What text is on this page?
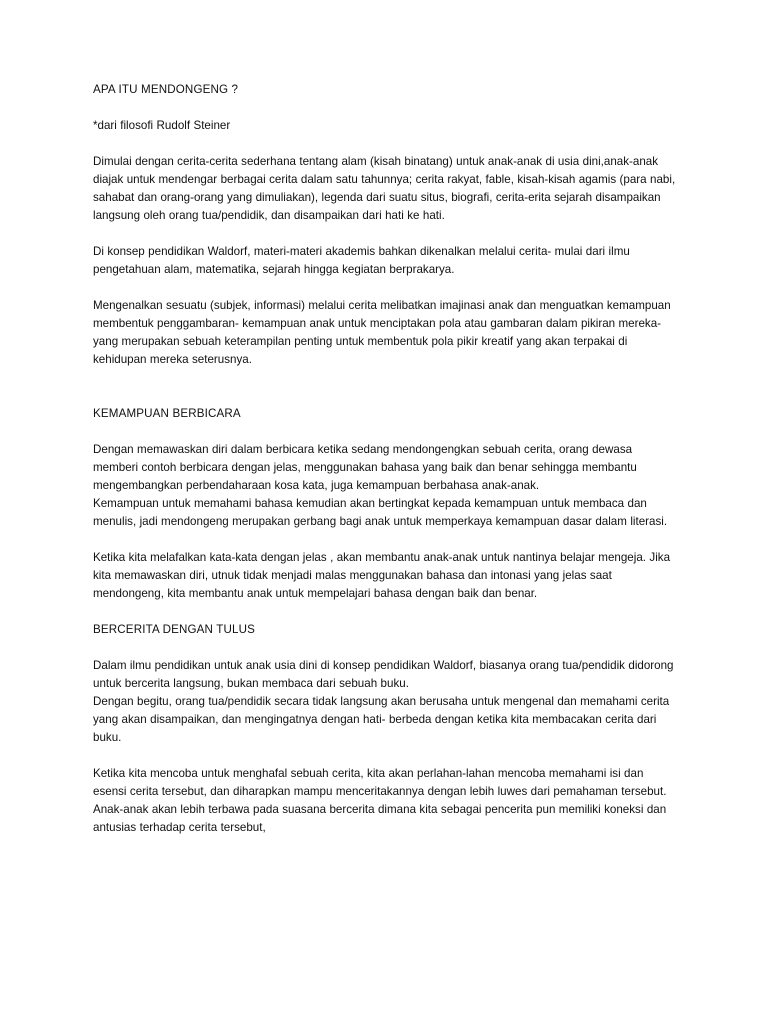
APA ITU MENDONGENG ?

*dari filosofi Rudolf Steiner

Dimulai dengan cerita-cerita sederhana tentang alam (kisah binatang) untuk anak-anak di usia dini,anak-anak diajak untuk mendengar berbagai cerita dalam satu tahunnya; cerita rakyat, fable, kisah-kisah agamis (para nabi, sahabat dan orang-orang yang dimuliakan), legenda dari suatu situs, biografi, cerita-erita sejarah disampaikan langsung oleh orang tua/pendidik, dan disampaikan dari hati ke hati.

Di konsep pendidikan Waldorf, materi-materi akademis bahkan dikenalkan melalui cerita- mulai dari ilmu pengetahuan alam, matematika, sejarah hingga kegiatan berprakarya.

Mengenalkan sesuatu (subjek, informasi) melalui cerita melibatkan imajinasi anak dan menguatkan kemampuan membentuk penggambaran- kemampuan anak untuk menciptakan pola atau gambaran dalam pikiran mereka- yang merupakan sebuah keterampilan penting untuk membentuk pola pikir kreatif yang akan terpakai di kehidupan mereka seterusnya.

KEMAMPUAN BERBICARA

Dengan memawaskan diri dalam berbicara ketika sedang mendongengkan sebuah cerita, orang dewasa memberi contoh berbicara dengan jelas, menggunakan bahasa yang baik dan benar sehingga membantu mengembangkan perbendaharaan kosa kata, juga kemampuan berbahasa anak-anak.

Kemampuan untuk memahami bahasa kemudian akan bertingkat kepada kemampuan untuk membaca dan menulis, jadi mendongeng merupakan gerbang bagi anak untuk memperkaya kemampuan dasar dalam literasi.

Ketika kita melafalkan kata-kata dengan jelas , akan membantu anak-anak untuk nantinya belajar mengeja. Jika kita memawaskan diri, utnuk tidak menjadi malas menggunakan bahasa dan intonasi yang jelas saat mendongeng, kita membantu anak untuk mempelajari bahasa dengan baik dan benar.

BERCERITA DENGAN TULUS

Dalam ilmu pendidikan untuk anak usia dini di konsep pendidikan Waldorf, biasanya orang tua/pendidik didorong untuk bercerita langsung, bukan membaca dari sebuah buku.

Dengan begitu, orang tua/pendidik secara tidak langsung akan berusaha untuk mengenal dan memahami cerita yang akan disampaikan, dan mengingatnya dengan hati- berbeda dengan ketika kita membacakan cerita dari buku.

Ketika kita mencoba untuk menghafal sebuah cerita, kita akan perlahan-lahan mencoba memahami isi dan esensi cerita tersebut, dan diharapkan mampu menceritakannya dengan lebih luwes dari pemahaman tersebut. Anak-anak akan lebih terbawa pada suasana bercerita dimana kita sebagai pencerita pun memiliki koneksi dan antusias terhadap cerita tersebut,
